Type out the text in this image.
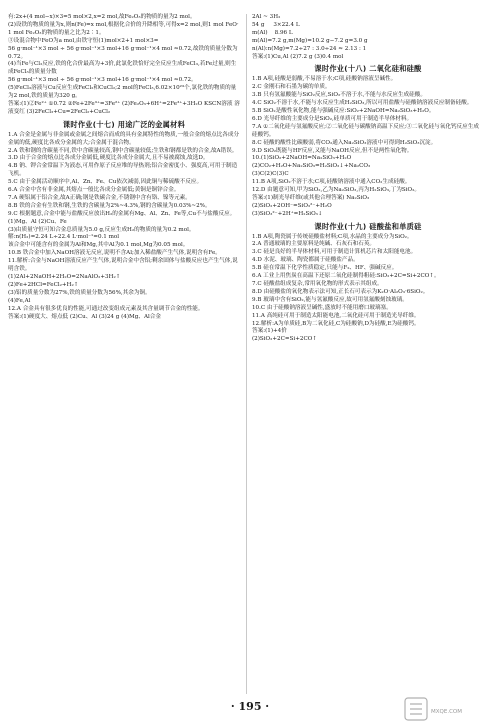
有:2x+(4 mol−x)×3=5 mol×2,x=2 mol,故Fe₂O₃的物质的量为2 mol。

(2)设铁的物质的量为x,则n(Fe)=x mol,根据化合价的升降相等,可得x=2 mol,则1 mol FeO·1 mol Fe₂O₃的物质的量之比为2∶1。

③设混合物中FeO为a mol,由铁守恒(1)mol×2+1 mol×3=

56 g·mol⁻¹×3 mol ÷ 56 g·mol⁻¹×3 mol+16 g·mol⁻¹×4 mol ≈0.72,故铁的质量分数为0.72。

(4)当Fe与Cl₂反应,铁的化合价最高为+3价,此氯化铁恰好完全反应生成FeCl₃,若Fe过量,则生成FeCl₃的质量分数

56 g·mol⁻¹×3 mol ÷ 56 g·mol⁻¹×3 mol+16 g·mol⁻¹×4 mol ≈0.72。

(5)FeCl₃溶液与Cu反应生成FeCl₂和CuCl₂;2 mol的FeCl₃,6.02×10²³个,氯化铁的物质的量为2 mol,铁的质量为320 g。

答案:(1)②Fe²⁺ ①0.72 ②Fe+2Fe³⁺=3Fe²⁺ (2)Fe₂O₃+6H⁺=2Fe³⁺+3H₂O KSCN溶液 溶液变红 (3)2FeCl₃+Cu=2FeCl₂+CuCl₂

课时作业(十七) 用途广泛的金属材料

1.A 合金是金属与非金属或金属之间熔合而成的具有金属特性的物质,一般合金的熔点比各成分金属的低,硬度比各成分金属的大;合金属于混合物。

2.A 铁和钢的含碳量不同,铁中含碳量较高,钢中含碳量较低;生铁和钢都是铁的合金,故A错误。

3.D 由于合金的熔点比各成分金属低,硬度比各成分金属大,且不易被腐蚀,故选D。

4.B 钠、钾合金常温下为液态,可用作原子反应堆的导热剂;铝合金密度小、强度高,可用于制造飞机。

5.C 由于金属活动顺序中,Al、Zn、Fe、Cu依次减弱,因此铜与稀硫酸不反应。

6.A 合金中含有非金属,其熔点一般比各成分金属低;黄铜是铜锌合金。

7.A 硬铝属于铝合金,故A正确;钢是铁碳合金,不锈钢中含有铬、镍等元素。

8.B 铁的合金有生铁和钢,生铁的含碳量为2%~4.3%,钢的含碳量为0.03%~2%。

9.C 根据题意,合金中能与盐酸反应放出H₂的金属有Mg、Al、Zn、Fe等,Cu不与盐酸反应。

(1)Mg、Al (2)Cu、Fe

(3)由质量守恒可知合金总质量为5.0 g,反应生成H₂的物质的量为0.2 mol。

解:n(H₂)=2.24 L÷22.4 L·mol⁻¹=0.1 mol

该合金中可能含有的金属为Al和Mg,其中Al为0.1 mol,Mg为0.05 mol。

10.B 铁合金中加入NaOH溶液无反应,说明不含Al;加入稀盐酸产生气体,说明含有Fe。

11.解析:合金与NaOH溶液反应产生气体,说明合金中含铝;剩余固体与盐酸反应也产生气体,说明含铁。

(1)2Al+2NaOH+2H₂O=2NaAlO₂+3H₂↑

(2)Fe+2HCl=FeCl₂+H₂↑

(3)铝的质量分数为27%,铁的质量分数为56%,其余为铜。

(4)Fe,Al

12.A 合金具有很多优良的性能,可通过改变组成元素及其含量调节合金的性能。

答案:(1)硬度大、熔点低 (2)Cu、Al (3)24 g (4)Mg、Al合金

2Al ~ 3H₂

54 g     3×22.4 L

m(Al)    8.96 L

m(Al)=7.2 g,m(Mg)=10.2 g−7.2 g=3.0 g

n(Al):n(Mg)=7.2÷27 : 3.0÷24 ≈ 2.13 : 1

答案:(1)Cu,Al (2)7.2 g (3)0.4 mol

课时作业(十八) 二氧化硅和硅酸

1.B A项,硅酸是弱酸,不易溶于水;C项,硅酸钠溶液呈碱性。

2.C 金刚石和石墨为碳的单质。

3.B 只有氢氟酸能与SiO₂反应,SiO₂不溶于水,不能与水反应生成硅酸。

4.C SiO₂不溶于水,不能与水反应生成H₂SiO₃,所以可用盐酸与硅酸钠溶液反应制备硅酸。

5.B SiO₂是酸性氧化物,能与强碱反应:SiO₂+2NaOH=Na₂SiO₃+H₂O。

6.D 光导纤维的主要成分是SiO₂,硅单质可用于制造半导体材料。

7.A ①二氧化硅与氢氟酸反应;②二氧化硅与碳酸钠高温下反应;③二氧化硅与氧化钙反应生成硅酸钙。

8.C 硅酸的酸性比碳酸弱,将CO₂通入Na₂SiO₃溶液中可得到H₂SiO₃沉淀。

9.D SiO₂既能与HF反应,又能与NaOH反应,但不是两性氧化物。

10.(1)SiO₂+2NaOH=Na₂SiO₃+H₂O

(2)CO₂+H₂O+Na₂SiO₃=H₂SiO₃↓+Na₂CO₃

(3)C(2)C(3)C

11.B A项,SiO₂不溶于水;C项,硅酸钠溶液中通入CO₂生成硅酸。

12.D 由题意可知,甲为SiO₂,乙为Na₂SiO₃,丙为H₂SiO₃,丁为SiO₂。

答案:(1)制光导纤维(或其他合理答案) Na₂SiO₃

(2)SiO₂+2OH⁻=SiO₃²⁻+H₂O

(3)SiO₃²⁻+2H⁺=H₂SiO₃↓

课时作业(十九) 硅酸盐和单质硅

1.B A项,陶瓷属于传统硅酸盐材料;C项,水晶的主要成分为SiO₂。

2.A 普通玻璃的主要原料是纯碱、石灰石和石英。

3.C 硅是良好的半导体材料,可用于制造计算机芯片和太阳能电池。

4.D 水泥、玻璃、陶瓷都属于硅酸盐产品。

5.B 硅在常温下化学性质稳定,只能与F₂、HF、强碱反应。

6.A 工业上用焦炭在高温下还原二氧化硅制得粗硅:SiO₂+2C=Si+2CO↑。

7.C 硅酸盐组成复杂,常用氧化物的形式表示其组成。

8.D 由硅酸盐的氧化物表示法可知,正长石可表示为K₂O·Al₂O₃·6SiO₂。

9.B 玻璃中含有SiO₂,能与氢氟酸反应,故可用氢氟酸刻蚀玻璃。

10.C 由于硅酸钠溶液呈碱性,盛放时不能用磨口玻璃塞。

11.A 高纯硅可用于制造太阳能电池,二氧化硅可用于制造光导纤维。

12.解析:A为单质硅,B为二氧化硅,C为硅酸钠,D为硅酸,E为硅酸钙。

答案:(1)+4价

(2)SiO₂+2C=Si+2CO↑

· 195 ·	MXQE.COM
